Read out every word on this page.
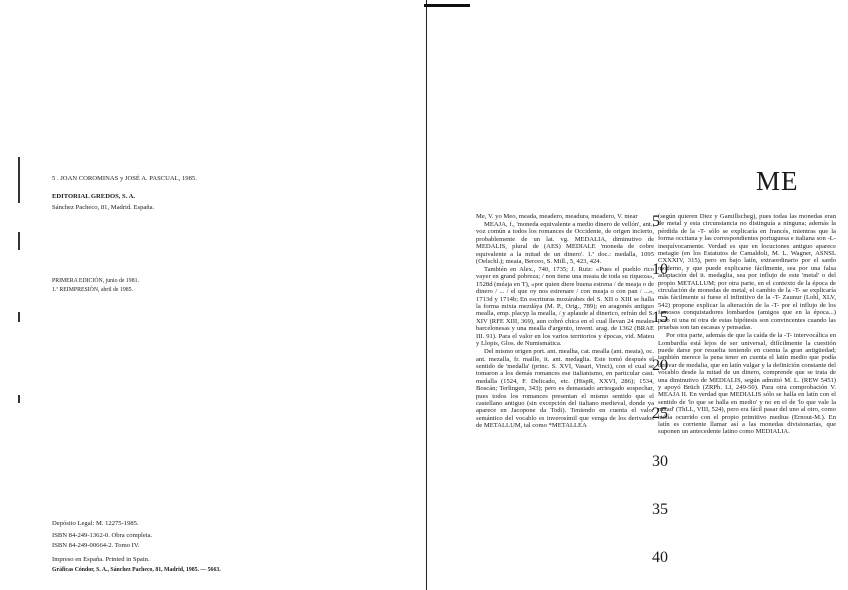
5 . JOAN COROMINAS y JOSÉ A. PASCUAL, 1985.
EDITORIAL GREDOS, S. A.
Sánchez Pacheco, 81, Madrid. España.
PRIMERA EDICIÓN, junio de 1981.
1.ª REIMPRESIÓN, abril de 1985.
Depósito Legal: M. 12275-1985.
ISBN 84-249-1362-0. Obra completa.
ISBN 84-249-00664-2. Tomo IV.
Impreso en España. Printed in Spain.
Gráficas Cóndor, S. A., Sánchez Pacheco, 81, Madrid, 1985. — 5663.
ME

Me, V. yo Meo, meada, meadero, meadura, meadero, V. mear

MEAJA, f., 'moneda equivalente a medio dinero de vellón', ant., voz común a todos los romances de Occidente, de origen incierto, probablemente de un lat. vg. MEDALIA, diminutivo de MEDALIS, plural de (AES) MEDIALE 'moneda de cobre equivalente a la mitad de un dinero'. 1.ª doc.: medalla, 1095 (Oelschl.); meaia, Berceo, S. Mill., 5, 423, 424.

También en Alex., 740, 1735; J. Ruiz: «Pues el pueblo rico vayer en grand pobreza; / non tiene una meaia de toda su riqueza», 1528d (méaja en T), «por quien diere buena estrena / de meaja o de dinero / ... / el que oy nos estrenare / con meaja o con pan / ...», 1713d y 1714b; En escrituras mozárabes del S. XII o XIII se halla la forma mixta mezdáya (M. P., Orig., 789); en aragonés antiguo mealla, emp. placyp la mealla, / y aplaude al dinerico, refrán del S. XIV (RFE XIII, 369), aun cobró chica en el cual llevan 24 meales barcelonesas y una mealla d'argento, invent. arag. de 1362 (BRAE III. 91). Para el valor en los varios territorios y épocas, vid. Mateu y Llopis, Glos. de Numismática.

Del mismo origen port. ant. mealha, cat. mealla (ant. meaia), oc. ant. mezalla, fr. maille, it. ant. medaglia. Este tomó después el sentido de 'medalla' (princ. S. XVI, Vasari, Vinci), con el cual se tomaron a los demás romances ese italianismo, en particular cast. medalla (1524, F. Delicado, etc. (HispR, XXVI, 286); 1534, Boscán; Terlingen, 343); pero es demasiado arriesgado sospechar, pues todos los romances presentan el mismo sentido que el castellano antiguo (sin excepción del italiano medieval, donde ya aparece en Jacopone da Todi). Teniendo en cuenta el valor semántico del vocablo es inverosímil que venga de los derivados de METALLUM, tal como *METALLEA

(según quieren Diez y Gamillscheg), pues todas las monedas eran de metal y esta circunstancia no distinguía a ninguna; además la pérdida de la -T- sólo se explicaría en francés, mientras que la forma occitana y las correspondientes portuguesa e italiana son -L- inequívocamente. Verdad es que en locuciones antiguo aparece metagie (en los Estatutos de Camaldoli, M. L. Wagner, ASNSL CXXXIV, 315), pero en bajo latín, extraordinario por el sardo moderno, y que puede explicarse fácilmente, sea por una falsa adaptación del it. medaglia, sea por influjo de este 'metal' o del propio METALLUM; por otra parte, en el contexto de la época de circulación de monedas de metal, el cambio de la -T- se explicaría más fácilmente si fuese el infinitivo de la -T- Zaunur (Lohl, XLV, 542) propone explicar la alteración de la -T- por el influjo de los famosos conquistadores lombardos (amigos que en la época...) pero ni una ni otra de estas hipótesis son convincentes cuando las pruebas son tan escasas y pensadas.

Por otra parte, además de que la caída de la -T- intervocálica en Lombardía está lejos de ser universal, difícilmente la cuestión puede darse por resuelta teniendo en cuenta la gran antigüedad; también merece la pena tener en cuenta el latín medio que podía derivar de medalia, que en latín vulgar y la definición constante del vocablo desde la mitad de un dinero, comprende que se trata de una diminutivo de MEDIALIS, según admitió M. L. (REW 5451) y apoyó Brüch (ZRPh. LI, 249-50). Para otra comprobación V. MEAJA II. En verdad que MEDIALIS sólo se halla en latín con el sentido de 'lo que se halla en medio' y no en el de 'lo que vale la mitad' (ThLL, VIII, 524), pero era fácil pasar del uno al otro, como había ocurrido con el propio primitivo medius (Ernout-M.). En latín es corriente llamar así a las monedas divisionarias, que suponen un antecedente latino como MEDIALIA.

5
10
15
20
25
30
35
40
